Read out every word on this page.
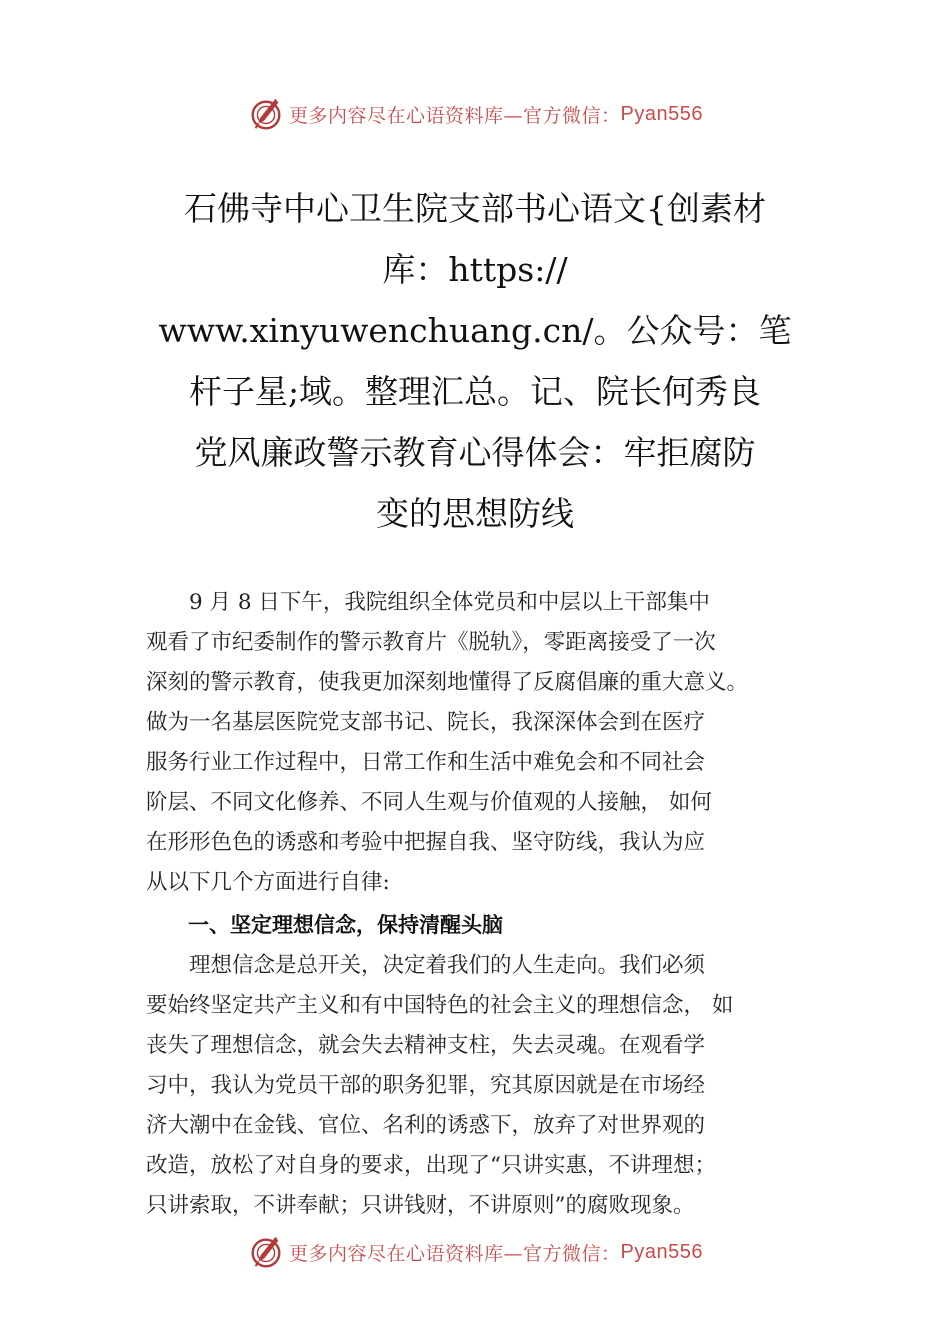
更多内容尽在心语资料库—官方微信： Pyan556
石佛寺中心卫生院支部书心语文{创素材
库：https://
www.xinyuwenchuang.cn/。公众号：笔
杆子星;域。整理汇总。记、院长何秀良
党风廉政警示教育心得体会：牢拒腐防
变的思想防线
　　9 月 8 日下午，我院组织全体党员和中层以上干部集中
观看了市纪委制作的警示教育片《脱轨》，零距离接受了一次
深刻的警示教育，使我更加深刻地懂得了反腐倡廉的重大意义。
做为一名基层医院党支部书记、院长，我深深体会到在医疗
服务行业工作过程中，日常工作和生活中难免会和不同社会
阶层、不同文化修养、不同人生观与价值观的人接触， 如何
在形形色色的诱惑和考验中把握自我、坚守防线，我认为应
从以下几个方面进行自律:
　　一、坚定理想信念，保持清醒头脑
　　理想信念是总开关，决定着我们的人生走向。我们必须
要始终坚定共产主义和有中国特色的社会主义的理想信念， 如
丧失了理想信念，就会失去精神支柱，失去灵魂。在观看学
习中，我认为党员干部的职务犯罪，究其原因就是在市场经
济大潮中在金钱、官位、名利的诱惑下，放弃了对世界观的
改造，放松了对自身的要求，出现了“只讲实惠，不讲理想；
只讲索取，不讲奉献；只讲钱财，不讲原则”的腐败现象。
更多内容尽在心语资料库—官方微信： Pyan556
